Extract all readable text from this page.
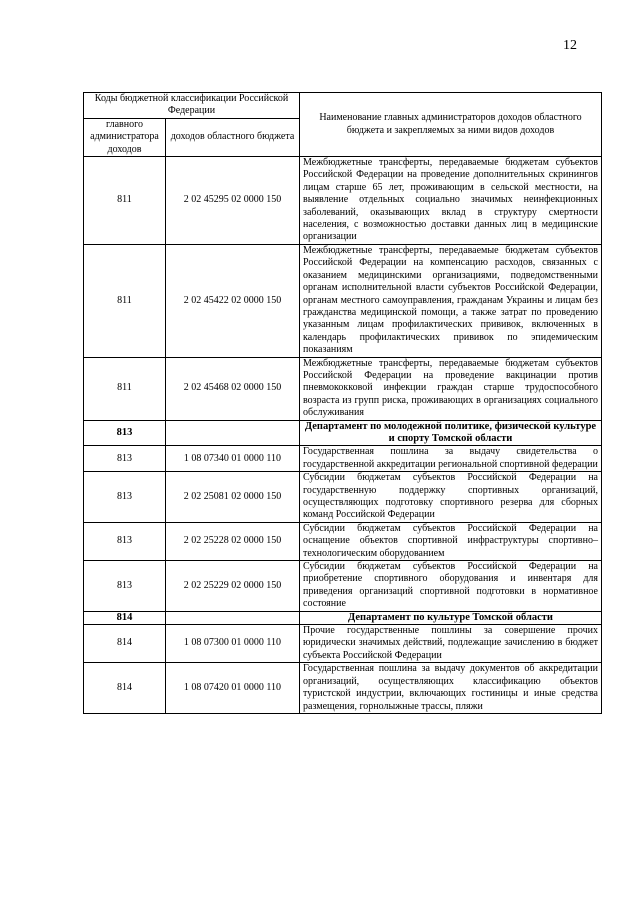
12
Коды бюджетной классификации Российской Федерации		Наименование главных администраторов доходов областного бюджета и закрепляемых за ними видов доходов
главного администратора доходов	доходов областного бюджета	
811	2 02 45295 02 0000 150	Межбюджетные трансферты, передаваемые бюджетам субъектов Российской Федерации на проведение дополнительных скринингов лицам старше 65 лет, проживающим в сельской местности, на выявление отдельных социально значимых неинфекционных заболеваний, оказывающих вклад в структуру смертности населения, с возможностью доставки данных лиц в медицинские организации
811	2 02 45422 02 0000 150	Межбюджетные трансферты, передаваемые бюджетам субъектов Российской Федерации на компенсацию расходов, связанных с оказанием медицинскими организациями, подведомственными органам исполнительной власти субъектов Российской Федерации, органам местного самоуправления, гражданам Украины и лицам без гражданства медицинской помощи, а также затрат по проведению указанным лицам профилактических прививок, включенных в календарь профилактических прививок по эпидемическим показаниям
811	2 02 45468 02 0000 150	Межбюджетные трансферты, передаваемые бюджетам субъектов Российской Федерации на проведение вакцинации против пневмококковой инфекции граждан старше трудоспособного возраста из групп риска, проживающих в организациях социального обслуживания
813		Департамент по молодежной политике, физической культуре и спорту Томской области
813	1 08 07340 01 0000 110	Государственная пошлина за выдачу свидетельства о государственной аккредитации региональной спортивной федерации
813	2 02 25081 02 0000 150	Субсидии бюджетам субъектов Российской Федерации на государственную поддержку спортивных организаций, осуществляющих подготовку спортивного резерва для сборных команд Российской Федерации
813	2 02 25228 02 0000 150	Субсидии бюджетам субъектов Российской Федерации на оснащение объектов спортивной инфраструктуры спортивно–технологическим оборудованием
813	2 02 25229 02 0000 150	Субсидии бюджетам субъектов Российской Федерации на приобретение спортивного оборудования и инвентаря для приведения организаций спортивной подготовки в нормативное состояние
814		Департамент по культуре Томской области
814	1 08 07300 01 0000 110	Прочие государственные пошлины за совершение прочих юридически значимых действий, подлежащие зачислению в бюджет субъекта Российской Федерации
814	1 08 07420 01 0000 110	Государственная пошлина за выдачу документов об аккредитации организаций, осуществляющих классификацию объектов туристской индустрии, включающих гостиницы и иные средства размещения, горнолыжные трассы, пляжи
